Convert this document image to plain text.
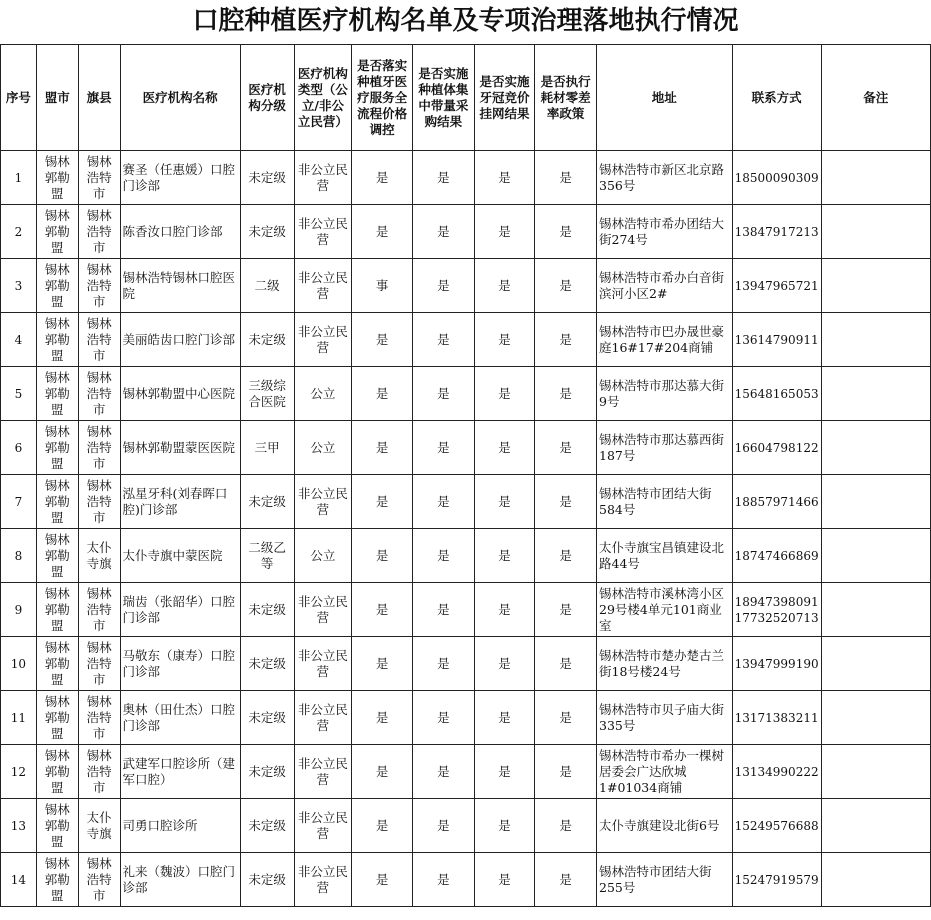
口腔种植医疗机构名单及专项治理落地执行情况
序号	盟市	旗县	医疗机构名称	医疗机构分级	医疗机构类型（公立/非公立民营）	是否落实种植牙医疗服务全流程价格调控	是否实施种植体集中带量采购结果	是否实施牙冠竞价挂网结果	是否执行耗材零差率政策	地址	联系方式	备注
1	锡林郭勒盟	锡林浩特市	赛圣（任惠媛）口腔门诊部	未定级	非公立民营	是	是	是	是	锡林浩特市新区北京路356号	18500090309	
2	锡林郭勒盟	锡林浩特市	陈香汝口腔门诊部	未定级	非公立民营	是	是	是	是	锡林浩特市希办团结大街274号	13847917213	
3	锡林郭勒盟	锡林浩特市	锡林浩特锡林口腔医院	二级	非公立民营	事	是	是	是	锡林浩特市希办白音街滨河小区2#	13947965721	
4	锡林郭勒盟	锡林浩特市	美丽皓齿口腔门诊部	未定级	非公立民营	是	是	是	是	锡林浩特市巴办晟世豪庭16#17#204商铺	13614790911	
5	锡林郭勒盟	锡林浩特市	锡林郭勒盟中心医院	三级综合医院	公立	是	是	是	是	锡林浩特市那达慕大街9号	15648165053	
6	锡林郭勒盟	锡林浩特市	锡林郭勒盟蒙医医院	三甲	公立	是	是	是	是	锡林浩特市那达慕西街187号	16604798122	
7	锡林郭勒盟	锡林浩特市	泓星牙科(刘春晖口腔)门诊部	未定级	非公立民营	是	是	是	是	锡林浩特市团结大街584号	18857971466	
8	锡林郭勒盟	太仆寺旗	太仆寺旗中蒙医院	二级乙等	公立	是	是	是	是	太仆寺旗宝昌镇建设北路44号	18747466869	
9	锡林郭勒盟	锡林浩特市	瑞齿（张韶华）口腔门诊部	未定级	非公立民营	是	是	是	是	锡林浩特市溪林湾小区29号楼4单元101商业室	18947398091 17732520713	
10	锡林郭勒盟	锡林浩特市	马敬东（康寿）口腔门诊部	未定级	非公立民营	是	是	是	是	锡林浩特市楚办楚古兰街18号楼24号	13947999190	
11	锡林郭勒盟	锡林浩特市	奥林（田仕杰）口腔门诊部	未定级	非公立民营	是	是	是	是	锡林浩特市贝子庙大街335号	13171383211	
12	锡林郭勒盟	锡林浩特市	武建军口腔诊所（建军口腔）	未定级	非公立民营	是	是	是	是	锡林浩特市希办一棵树居委会广达欣城1#01034商铺	13134990222	
13	锡林郭勒盟	太仆寺旗	司勇口腔诊所	未定级	非公立民营	是	是	是	是	太仆寺旗建设北街6号	15249576688	
14	锡林郭勒盟	锡林浩特市	礼来（魏波）口腔门诊部	未定级	非公立民营	是	是	是	是	锡林浩特市团结大街255号	15247919579	
